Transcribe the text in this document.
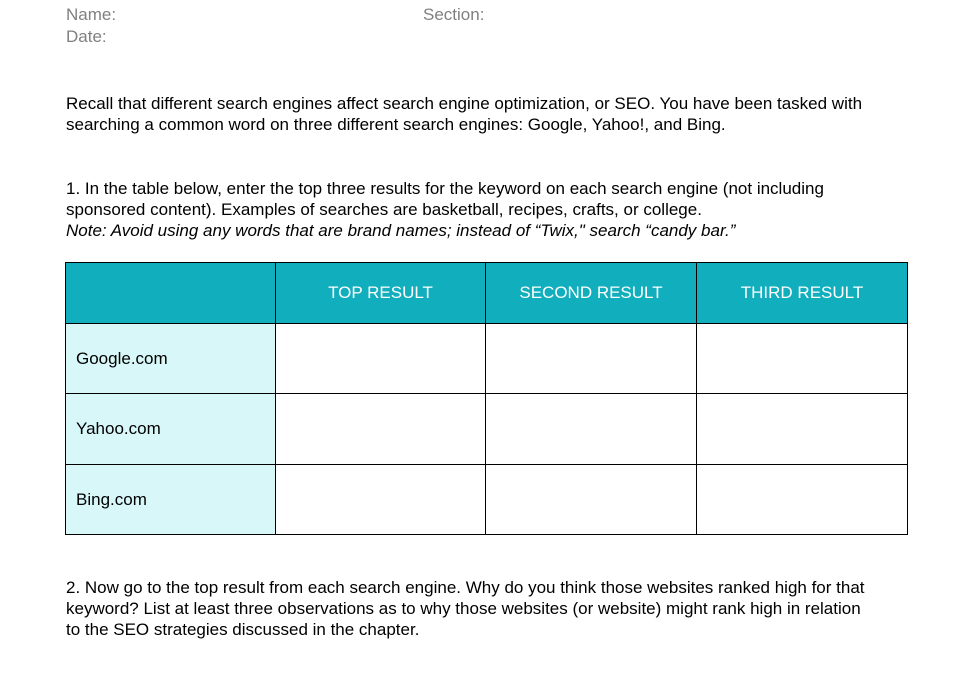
Name:	Section:
Date:
Recall that different search engines affect search engine optimization, or SEO. You have been tasked with searching a common word on three different search engines: Google, Yahoo!, and Bing.
1. In the table below, enter the top three results for the keyword on each search engine (not including sponsored content). Examples of searches are basketball, recipes, crafts, or college.
Note: Avoid using any words that are brand names; instead of “Twix," search “candy bar.”
	TOP RESULT	SECOND RESULT	THIRD RESULT
Google.com			
Yahoo.com			
Bing.com			
2. Now go to the top result from each search engine. Why do you think those websites ranked high for that keyword? List at least three observations as to why those websites (or website) might rank high in relation to the SEO strategies discussed in the chapter.
